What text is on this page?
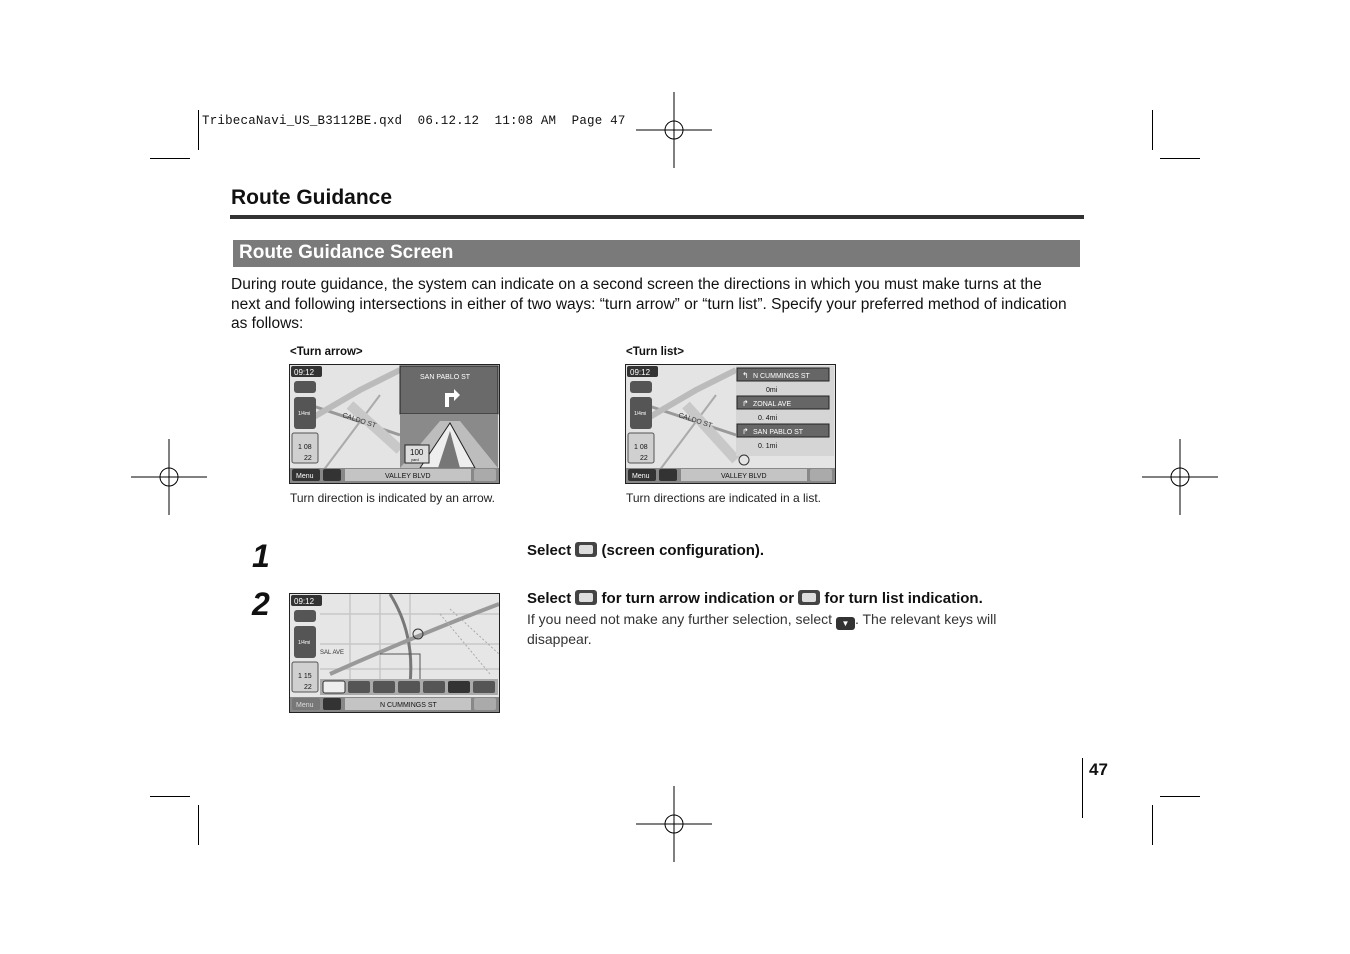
TribecaNavi_US_B3112BE.qxd  06.12.12  11:08 AM  Page 47
Route Guidance
Route Guidance Screen
During route guidance, the system can indicate on a second screen the directions in which you must make turns at the next and following intersections in either of two ways: “turn arrow” or “turn list”. Specify your preferred method of indication as follows:
<Turn arrow>
CALDO ST
09:12
1/4mi
1 08
22
SAN PABLO ST
100
yard
Menu	VALLEY BLVD
Turn direction is indicated by an arrow.
<Turn list>
CALDO ST
09:12
1/4mi
1 08
22
↰ N CUMMINGS ST
0mi
↱ ZONAL AVE
0. 4mi
↱ SAN PABLO ST
0. 1mi
Menu	VALLEY BLVD
Turn directions are indicated in a list.
1	Select (screen configuration).
2
SAL AVE
09:12
1/4mi
1 15
22
Menu	N CUMMINGS ST
Select for turn arrow indication or for turn list indication.
If you need not make any further selection, select ▼ . The relevant keys will disappear.
47
